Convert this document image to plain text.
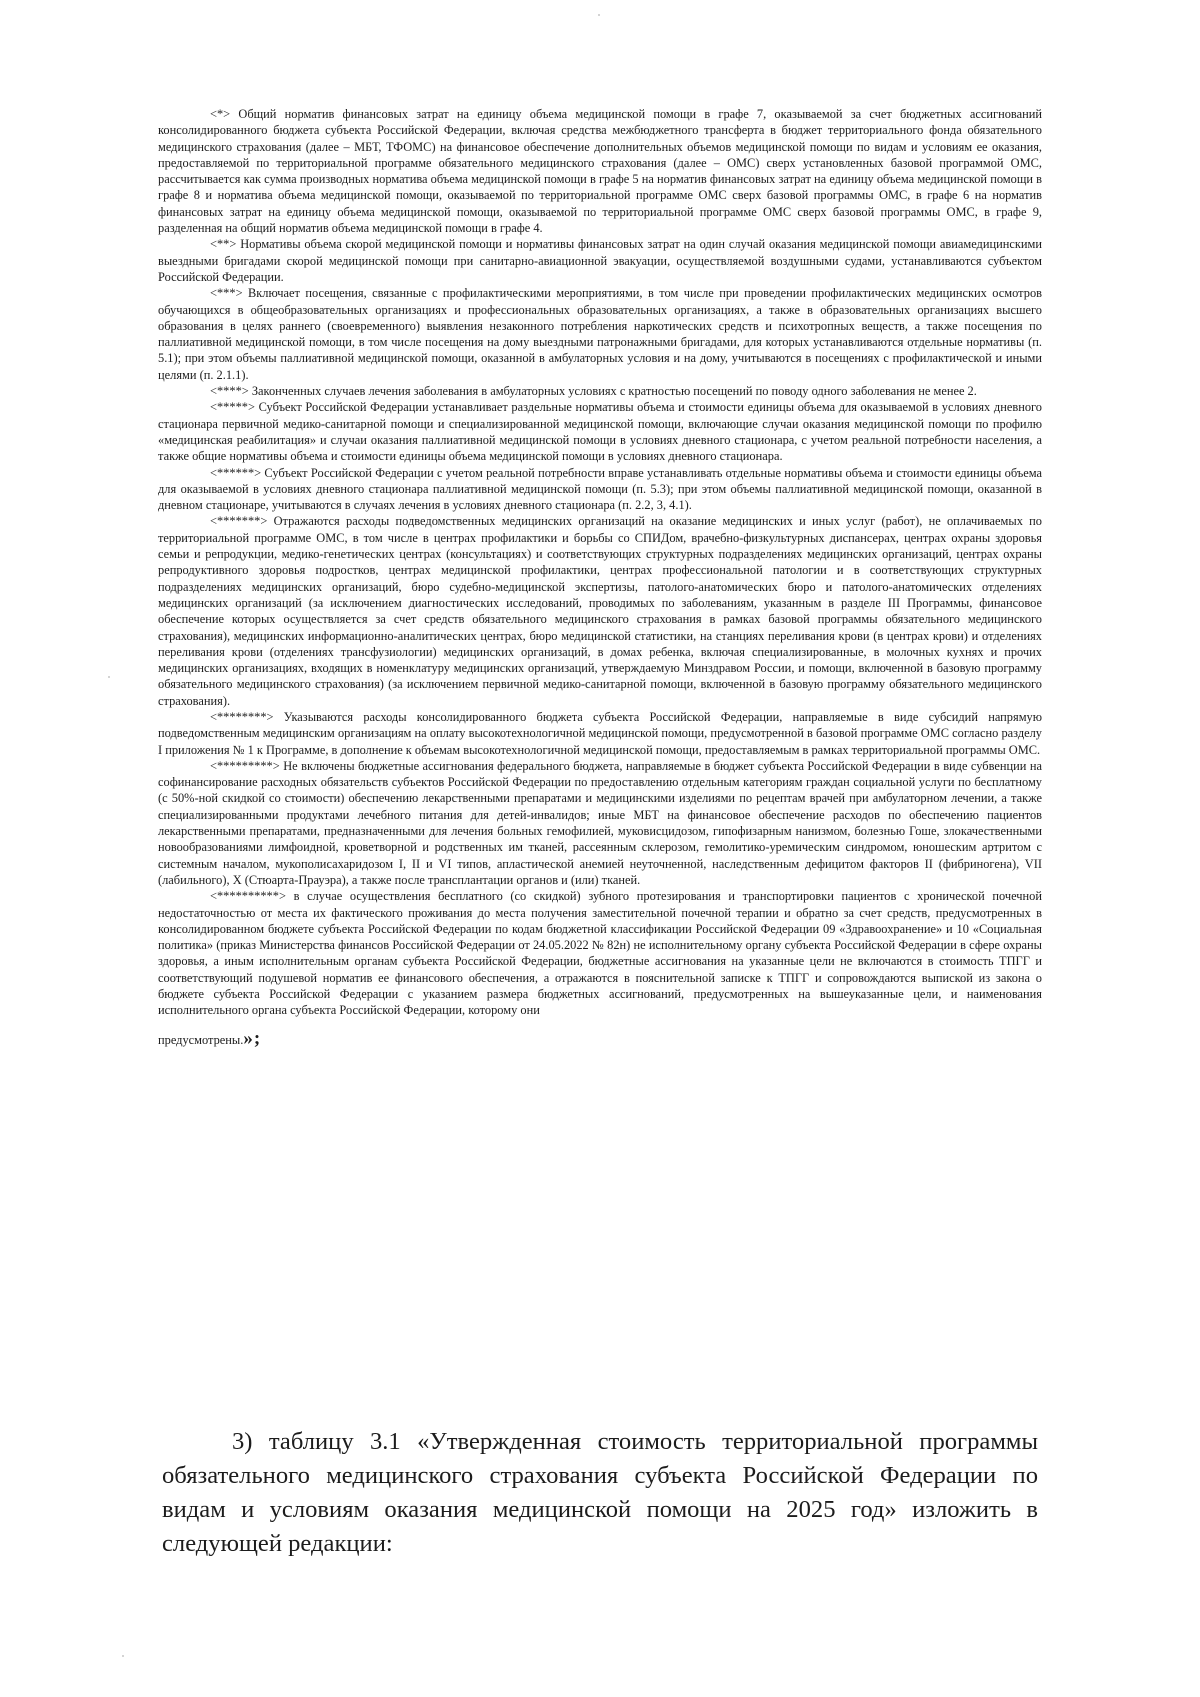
<*> Общий норматив финансовых затрат на единицу объема медицинской помощи в графе 7, оказываемой за счет бюджетных ассигнований консолидированного бюджета субъекта Российской Федерации, включая средства межбюджетного трансферта в бюджет территориального фонда обязательного медицинского страхования (далее – МБТ, ТФОМС) на финансовое обеспечение дополнительных объемов медицинской помощи по видам и условиям ее оказания, предоставляемой по территориальной программе обязательного медицинского страхования (далее – ОМС) сверх установленных базовой программой ОМС, рассчитывается как сумма производных норматива объема медицинской помощи в графе 5 на норматив финансовых затрат на единицу объема медицинской помощи в графе 8 и норматива объема медицинской помощи, оказываемой по территориальной программе ОМС сверх базовой программы ОМС, в графе 6 на норматив финансовых затрат на единицу объема медицинской помощи, оказываемой по территориальной программе ОМС сверх базовой программы ОМС, в графе 9, разделенная на общий норматив объема медицинской помощи в графе 4.

<**> Нормативы объема скорой медицинской помощи и нормативы финансовых затрат на один случай оказания медицинской помощи авиамедицинскими выездными бригадами скорой медицинской помощи при санитарно-авиационной эвакуации, осуществляемой воздушными судами, устанавливаются субъектом Российской Федерации.

<***> Включает посещения, связанные с профилактическими мероприятиями, в том числе при проведении профилактических медицинских осмотров обучающихся в общеобразовательных организациях и профессиональных образовательных организациях, а также в образовательных организациях высшего образования в целях раннего (своевременного) выявления незаконного потребления наркотических средств и психотропных веществ, а также посещения по паллиативной медицинской помощи, в том числе посещения на дому выездными патронажными бригадами, для которых устанавливаются отдельные нормативы (п. 5.1); при этом объемы паллиативной медицинской помощи, оказанной в амбулаторных условия и на дому, учитываются в посещениях с профилактической и иными целями (п. 2.1.1).

<****> Законченных случаев лечения заболевания в амбулаторных условиях с кратностью посещений по поводу одного заболевания не менее 2.

<*****> Субъект Российской Федерации устанавливает раздельные нормативы объема и стоимости единицы объема для оказываемой в условиях дневного стационара первичной медико-санитарной помощи и специализированной медицинской помощи, включающие случаи оказания медицинской помощи по профилю «медицинская реабилитация» и случаи оказания паллиативной медицинской помощи в условиях дневного стационара, с учетом реальной потребности населения, а также общие нормативы объема и стоимости единицы объема медицинской помощи в условиях дневного стационара.

<******> Субъект Российской Федерации с учетом реальной потребности вправе устанавливать отдельные нормативы объема и стоимости единицы объема для оказываемой в условиях дневного стационара паллиативной медицинской помощи (п. 5.3); при этом объемы паллиативной медицинской помощи, оказанной в дневном стационаре, учитываются в случаях лечения в условиях дневного стационара (п. 2.2, 3, 4.1).

<*******> Отражаются расходы подведомственных медицинских организаций на оказание медицинских и иных услуг (работ), не оплачиваемых по территориальной программе ОМС, в том числе в центрах профилактики и борьбы со СПИДом, врачебно-физкультурных диспансерах, центрах охраны здоровья семьи и репродукции, медико-генетических центрах (консультациях) и соответствующих структурных подразделениях медицинских организаций, центрах охраны репродуктивного здоровья подростков, центрах медицинской профилактики, центрах профессиональной патологии и в соответствующих структурных подразделениях медицинских организаций, бюро судебно-медицинской экспертизы, патолого-анатомических бюро и патолого-анатомических отделениях медицинских организаций (за исключением диагностических исследований, проводимых по заболеваниям, указанным в разделе III Программы, финансовое обеспечение которых осуществляется за счет средств обязательного медицинского страхования в рамках базовой программы обязательного медицинского страхования), медицинских информационно-аналитических центрах, бюро медицинской статистики, на станциях переливания крови (в центрах крови) и отделениях переливания крови (отделениях трансфузиологии) медицинских организаций, в домах ребенка, включая специализированные, в молочных кухнях и прочих медицинских организациях, входящих в номенклатуру медицинских организаций, утверждаемую Минздравом России, и помощи, включенной в базовую программу обязательного медицинского страхования) (за исключением первичной медико-санитарной помощи, включенной в базовую программу обязательного медицинского страхования).

<********> Указываются расходы консолидированного бюджета субъекта Российской Федерации, направляемые в виде субсидий напрямую подведомственным медицинским организациям на оплату высокотехнологичной медицинской помощи, предусмотренной в базовой программе ОМС согласно разделу I приложения № 1 к Программе, в дополнение к объемам высокотехнологичной медицинской помощи, предоставляемым в рамках территориальной программы ОМС.

<*********> Не включены бюджетные ассигнования федерального бюджета, направляемые в бюджет субъекта Российской Федерации в виде субвенции на софинансирование расходных обязательств субъектов Российской Федерации по предоставлению отдельным категориям граждан социальной услуги по бесплатному (с 50%-ной скидкой со стоимости) обеспечению лекарственными препаратами и медицинскими изделиями по рецептам врачей при амбулаторном лечении, а также специализированными продуктами лечебного питания для детей-инвалидов; иные МБТ на финансовое обеспечение расходов по обеспечению пациентов лекарственными препаратами, предназначенными для лечения больных гемофилией, муковисцидозом, гипофизарным нанизмом, болезнью Гоше, злокачественными новообразованиями лимфоидной, кроветворной и родственных им тканей, рассеянным склерозом, гемолитико-уремическим синдромом, юношеским артритом с системным началом, мукополисахаридозом I, II и VI типов, апластической анемией неуточненной, наследственным дефицитом факторов II (фибриногена), VII (лабильного), X (Стюарта-Прауэра), а также после трансплантации органов и (или) тканей.

<**********> в случае осуществления бесплатного (со скидкой) зубного протезирования и транспортировки пациентов с хронической почечной недостаточностью от места их фактического проживания до места получения заместительной почечной терапии и обратно за счет средств, предусмотренных в консолидированном бюджете субъекта Российской Федерации по кодам бюджетной классификации Российской Федерации 09 «Здравоохранение» и 10 «Социальная политика» (приказ Министерства финансов Российской Федерации от 24.05.2022 № 82н) не исполнительному органу субъекта Российской Федерации в сфере охраны здоровья, а иным исполнительным органам субъекта Российской Федерации, бюджетные ассигнования на указанные цели не включаются в стоимость ТПГГ и соответствующий подушевой норматив ее финансового обеспечения, а отражаются в пояснительной записке к ТПГГ и сопровождаются выпиской из закона о бюджете субъекта Российской Федерации с указанием размера бюджетных ассигнований, предусмотренных на вышеуказанные цели, и наименования исполнительного органа субъекта Российской Федерации, которому они

предусмотрены.»;

3) таблицу 3.1 «Утвержденная стоимость территориальной программы обязательного медицинского страхования субъекта Российской Федерации по видам и условиям оказания медицинской помощи на 2025 год» изложить в следующей редакции:
